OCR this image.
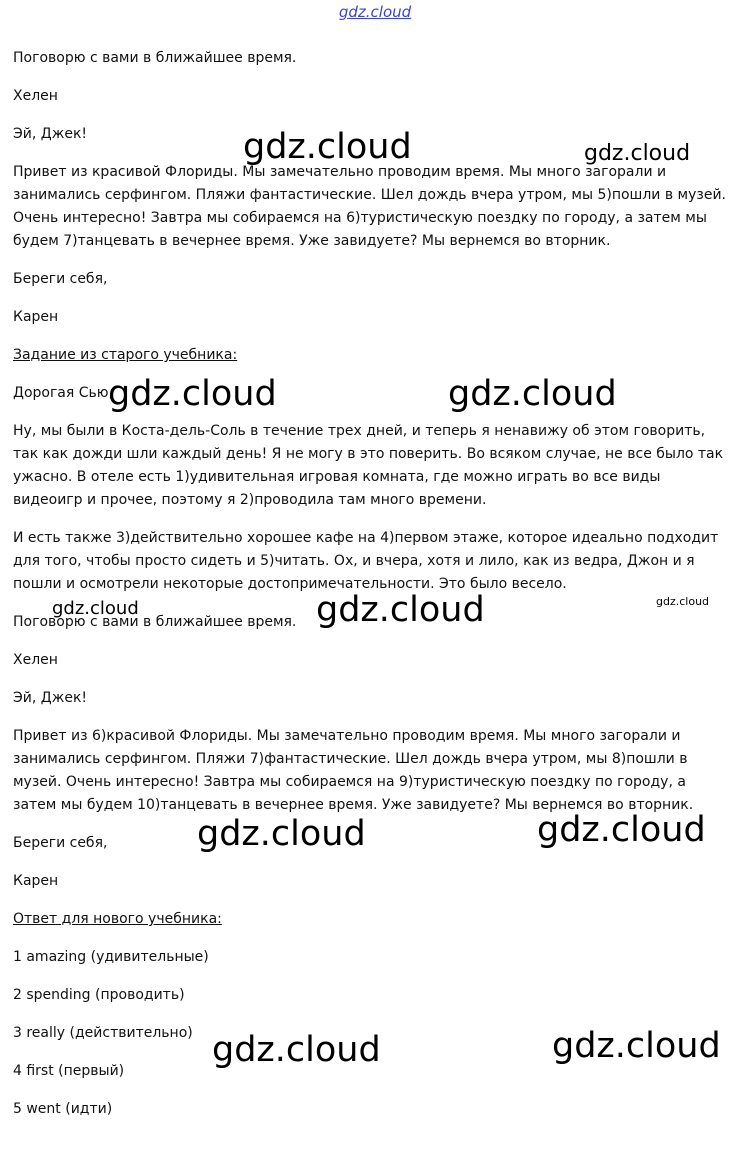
gdz.cloud

Поговорю с вами в ближайшее время.

Хелен

Эй, Джек!

Привет из красивой Флориды. Мы замечательно проводим время. Мы много загорали и занимались серфингом. Пляжи фантастические. Шел дождь вчера утром, мы 5)пошли в музей. Очень интересно! Завтра мы собираемся на 6)туристическую поездку по городу, а затем мы будем 7)танцевать в вечернее время. Уже завидуете? Мы вернемся во вторник.

Береги себя,

Карен

Задание из старого учебника:

Дорогая Сью,

Ну, мы были в Коста-дель-Соль в течение трех дней, и теперь я ненавижу об этом говорить, так как дожди шли каждый день! Я не могу в это поверить. Во всяком случае, не все было так ужасно. В отеле есть 1)удивительная игровая комната, где можно играть во все виды видеоигр и прочее, поэтому я 2)проводила там много времени.

И есть также 3)действительно хорошее кафе на 4)первом этаже, которое идеально подходит для того, чтобы просто сидеть и 5)читать. Ох, и вчера, хотя и лило, как из ведра, Джон и я пошли и осмотрели некоторые достопримечательности. Это было весело.

Поговорю с вами в ближайшее время.

Хелен

Эй, Джек!

Привет из 6)красивой Флориды. Мы замечательно проводим время. Мы много загорали и занимались серфингом. Пляжи 7)фантастические. Шел дождь вчера утром, мы 8)пошли в музей. Очень интересно! Завтра мы собираемся на 9)туристическую поездку по городу, а затем мы будем 10)танцевать в вечернее время. Уже завидуете? Мы вернемся во вторник.

Береги себя,

Карен

Ответ для нового учебника:

1 amazing (удивительные)

2 spending (проводить)

3 really (действительно)

4 first (первый)

5 went (идти)

gdz.cloud	gdz.cloud
gdz.cloud	gdz.cloud
gdz.cloud	gdz.cloud	gdz.cloud
gdz.cloud	gdz.cloud
gdz.cloud	gdz.cloud
